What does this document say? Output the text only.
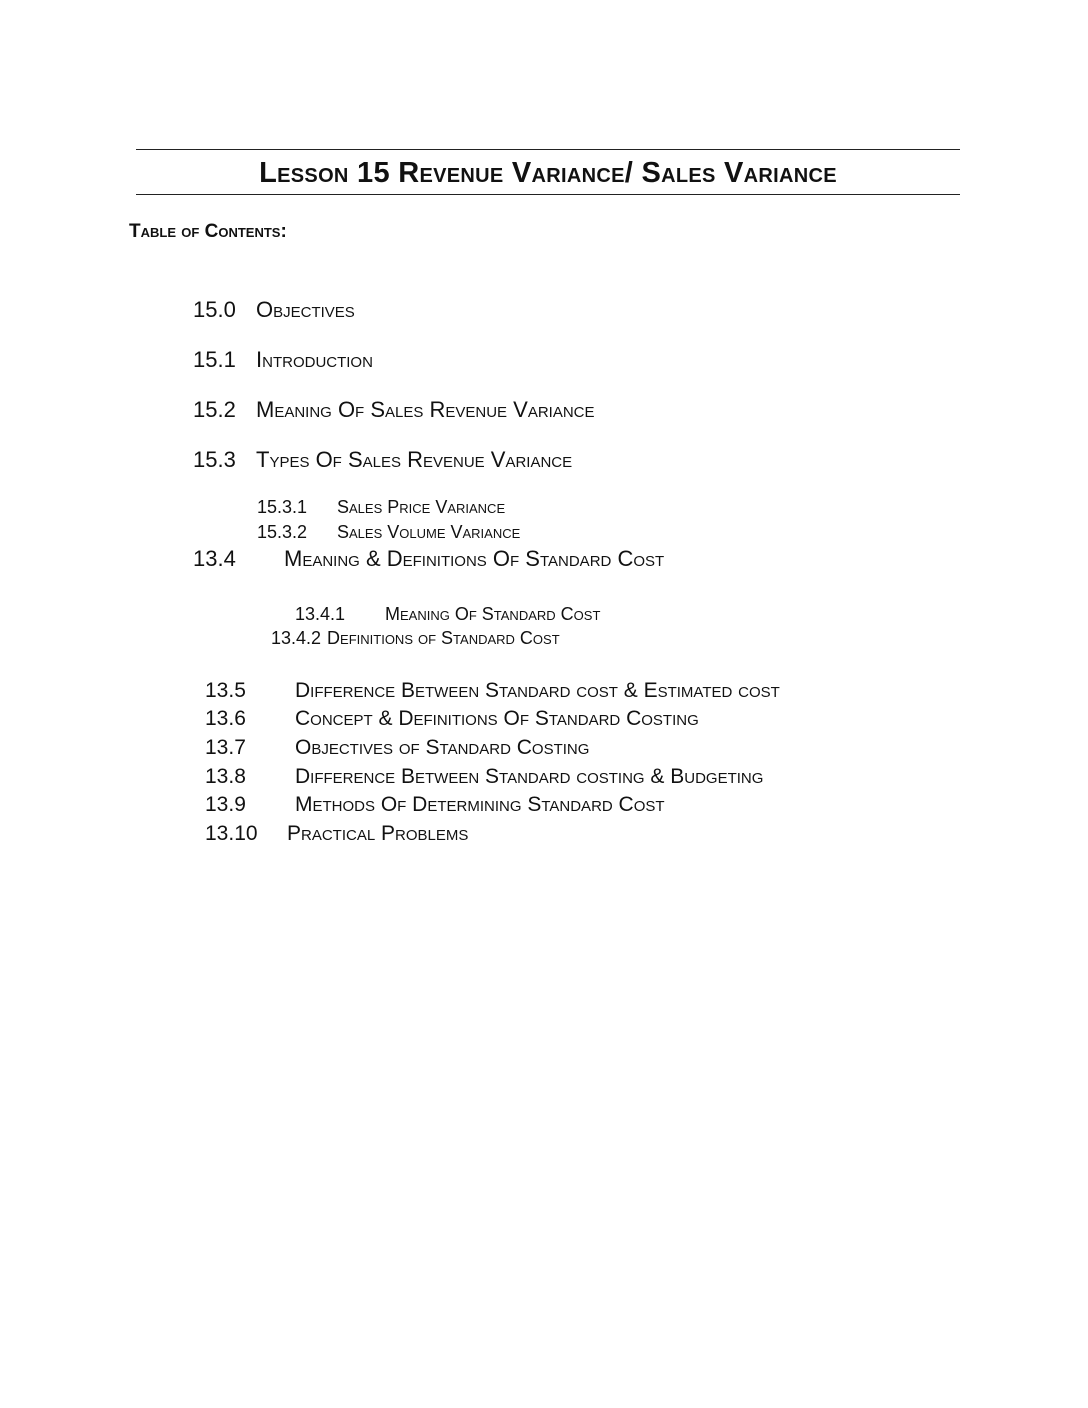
Lesson 15 Revenue Variance/ Sales Variance
Table of Contents:
15.0 Objectives
15.1 Introduction
15.2 Meaning Of Sales Revenue Variance
15.3 Types Of Sales Revenue Variance
15.3.1 Sales Price Variance
15.3.2 Sales Volume Variance
13.4 Meaning & Definitions Of Standard Cost
13.4.1 Meaning Of Standard Cost
13.4.2 Definitions of Standard Cost
13.5 Difference Between Standard cost & Estimated cost
13.6 Concept & Definitions Of Standard Costing
13.7 Objectives of Standard Costing
13.8 Difference Between Standard costing & Budgeting
13.9 Methods Of Determining Standard Cost
13.10 Practical Problems
